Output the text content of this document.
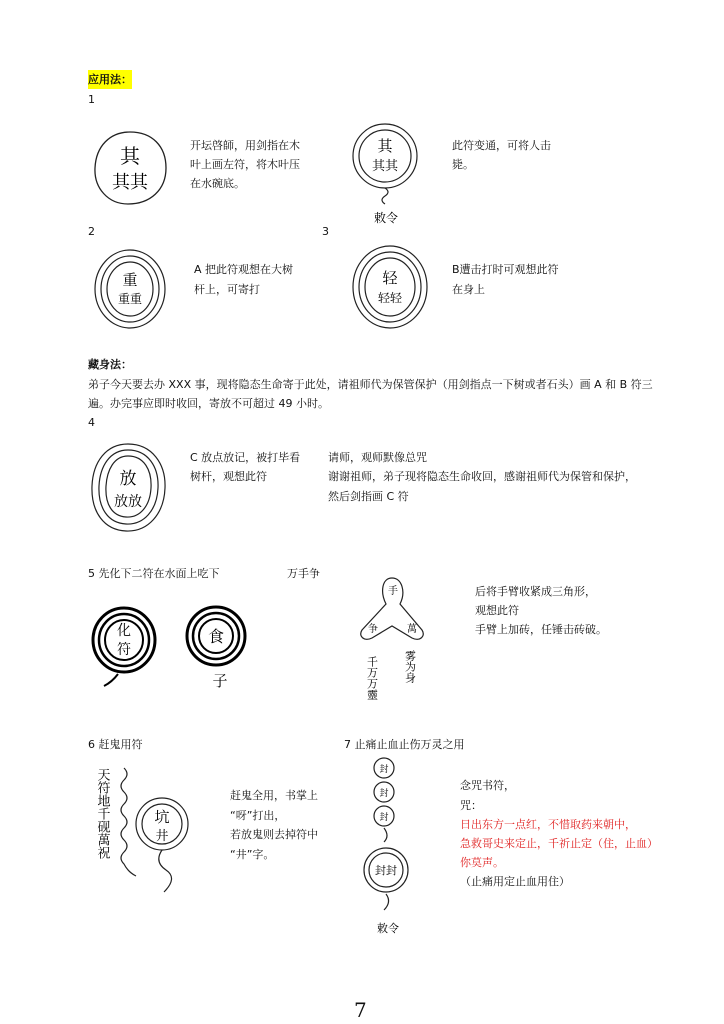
应用法：
1
其
其其
开坛啓師，用剑指在木
叶上画左符，将木叶压
在水碗底。
其
其其
敕令
此符变通，可将人击
毙。
2	3
重
重重
A 把此符观想在大树
杆上，可寄打
轻
轻轻
B遭击打时可观想此符
在身上
藏身法：
弟子今天要去办 XXX 事，现将隐态生命寄于此处，请祖师代为保管保护（用剑指点一下树或者石头）画 A 和 B 符三
遍。办完事应即时收回，寄放不可超过 49 小时。
4
放
放放
C 放点放记，被打毕看
树杆，观想此符
请师，观师默像总咒
谢谢祖师，弟子现将隐态生命收回，感谢祖师代为保管和保护，
然后剑指画 C 符
5 先化下二符在水面上吃下	万手争
化
符
食
子
手
争	萬
千万万靈 雾为身
后将手臂收紧成三角形，
观想此符
手臂上加砖，任锤击砖破。
6 赶鬼用符
天符地千砚萬祝	坑
井
赶鬼全用，书掌上
“呀”打出，
若放鬼则去掉符中
“井”字。
7 止痛止血止伤万灵之用
封
封
封
封封
敕令
念咒书符，
咒：
日出东方一点红，不惜取药来朝中，
急救哥史来定止，千祈止定（住，止血）
你莫声。
（止痛用定止血用住）
7
